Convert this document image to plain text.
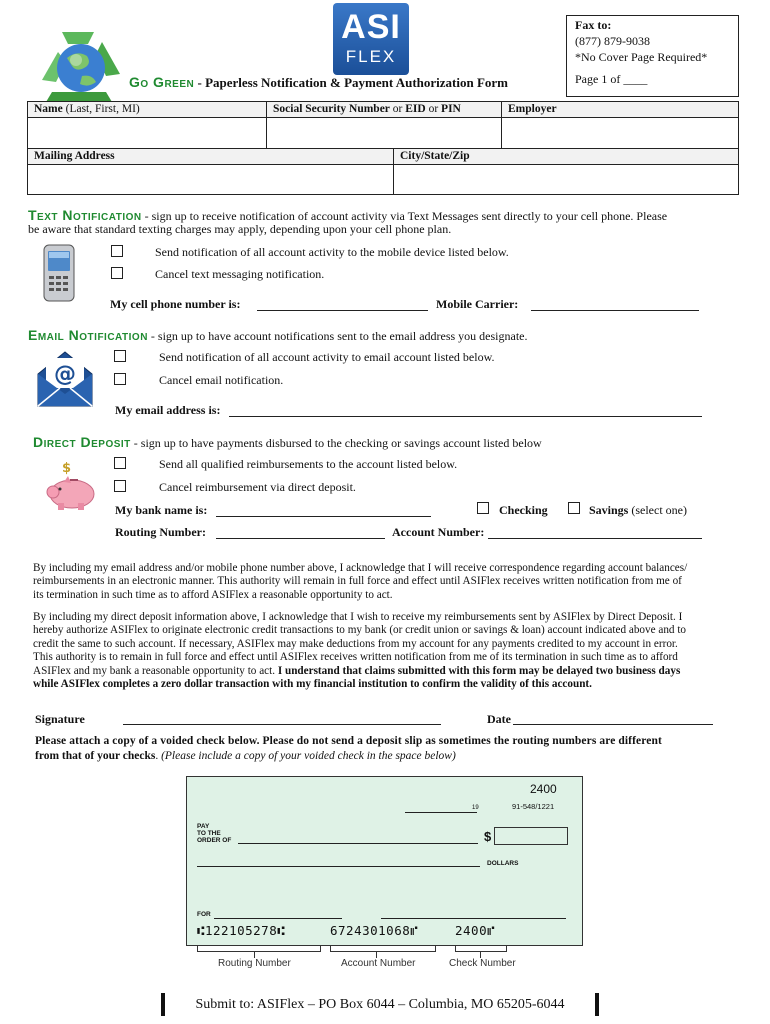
ASI
FLEX
Fax to:
(877) 879-9038
*No Cover Page Required*
Page 1 of ____
Go Green - Paperless Notification & Payment Authorization Form
Name (Last, First, MI)	Social Security Number or EID or PIN	Employer
Mailing Address	City/State/Zip
Text Notification - sign up to receive notification of account activity via Text Messages sent directly to your cell phone. Please
be aware that standard texting charges may apply, depending upon your cell phone plan.
Send notification of all account activity to the mobile device listed below.
Cancel text messaging notification.
My cell phone number is:	Mobile Carrier:
Email Notification - sign up to have account notifications sent to the email address you designate.
@
Send notification of all account activity to email account listed below.
Cancel email notification.
My email address is:
Direct Deposit - sign up to have payments disbursed to the checking or savings account listed below
$	Send all qualified reimbursements to the account listed below.
Cancel reimbursement via direct deposit.
My bank name is:	Checking	Savings (select one)
Routing Number:	Account Number:
By including my email address and/or mobile phone number above, I acknowledge that I will receive correspondence regarding account balances/
reimbursements in an electronic manner. This authority will remain in full force and effect until ASIFlex receives written notification from me of
its termination in such time as to afford ASIFlex a reasonable opportunity to act.
By including my direct deposit information above, I acknowledge that I wish to receive my reimbursements sent by ASIFlex by Direct Deposit. I
hereby authorize ASIFlex to originate electronic credit transactions to my bank (or credit union or savings & loan) account indicated above and to
credit the same to such account. If necessary, ASIFlex may make deductions from my account for any payments credited to my account in error.
This authority is to remain in full force and effect until ASIFlex receives written notification from me of its termination in such time as to afford
ASIFlex and my bank a reasonable opportunity to act. I understand that claims submitted with this form may be delayed two business days
while ASIFlex completes a zero dollar transaction with my financial institution to confirm the validity of this account.
Signature	Date
Please attach a copy of a voided check below. Please do not send a deposit slip as sometimes the routing numbers are different
from that of your checks. (Please include a copy of your voided check in the space below)
2400
19	91-548/1221
PAY
TO THE
ORDER OF	$
DOLLARS
FOR
⑆122105278⑆	6724301068⑈	2400⑈
Routing Number	Account Number	Check Number
Submit to: ASIFlex – PO Box 6044 – Columbia, MO 65205-6044
